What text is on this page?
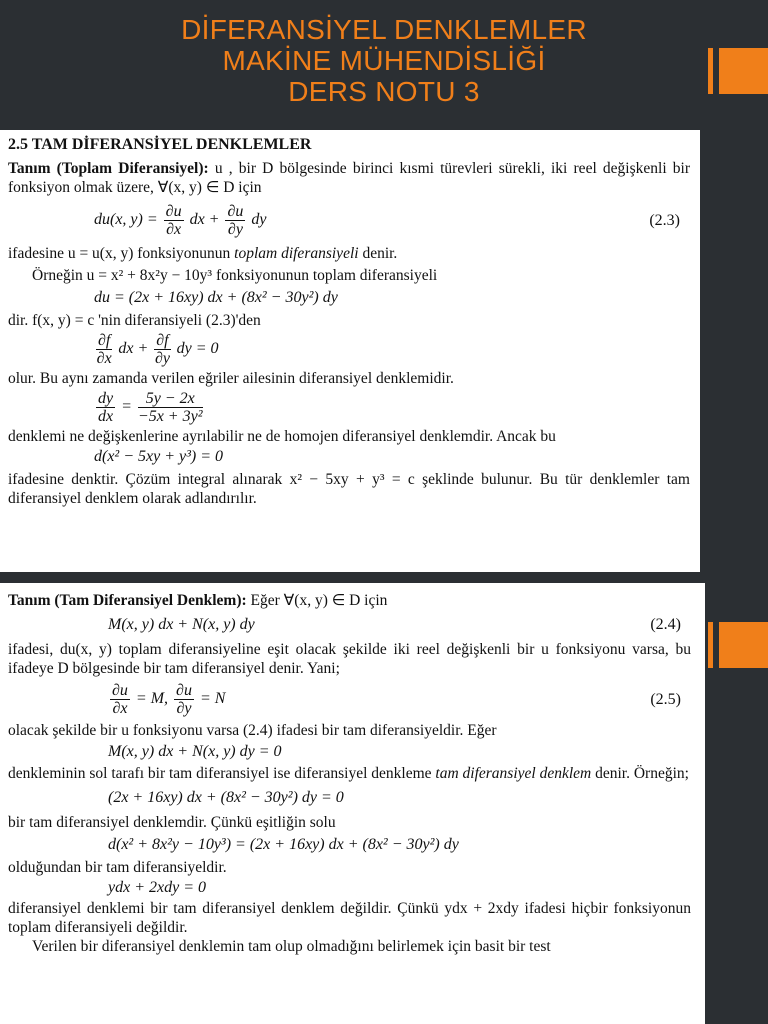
DİFERANSİYEL DENKLEMLER
MAKİNE MÜHENDİSLİĞİ
DERS NOTU 3

2.5 TAM DİFERANSİYEL DENKLEMLER

Tanım (Toplam Diferansiyel): u , bir D bölgesinde birinci kısmi türevleri sürekli, iki reel değişkenli bir fonksiyon olmak üzere, ∀(x, y) ∈ D için

du(x, $y) = \frac{\partial u}{\partial x}$ dx + $\frac{\partial u}{\partial y}$ dy	(2.3)

ifadesine u = u(x, y) fonksiyonunun toplam diferansiyeli denir.

Örneğin u = x² + 8x²y − 10y³ fonksiyonunun toplam diferansiyeli

du = (2x + 16xy) dx + (8x² − 30y²) dy

dir. f(x, y) = c 'nin diferansiyeli (2.3)'den

$\frac{\partial f}{\partial x}$ dx + $\frac{\partial f}{\partial y}$ dy = 0

olur. Bu aynı zamanda verilen eğriler ailesinin diferansiyel denklemidir.

$\frac{dy}{dx} = \frac{5y - 2x}{\text{−5x + 3y²}}$

denklemi ne değişkenlerine ayrılabilir ne de homojen diferansiyel denklemdir. Ancak bu

d(x² − 5xy + y³) = 0

ifadesine denktir. Çözüm integral alınarak x² − 5xy + y³ = c şeklinde bulunur. Bu tür denklemler tam diferansiyel denklem olarak adlandırılır.

Tanım (Tam Diferansiyel Denklem): Eğer ∀(x, y) ∈ D için

M(x, y) dx + N(x, y) dy	(2.4)

ifadesi, du(x, y) toplam diferansiyeline eşit olacak şekilde iki reel değişkenli bir u fonksiyonu varsa, bu ifadeye D bölgesinde bir tam diferansiyel denir. Yani;

$\frac{\partial u}{\partial x} = M$, $\frac{\partial u}{\partial y} = N$	(2.5)

olacak şekilde bir u fonksiyonu varsa (2.4) ifadesi bir tam diferansiyeldir. Eğer

M(x, y) dx + N(x, y) dy = 0

denkleminin sol tarafı bir tam diferansiyel ise diferansiyel denkleme tam diferansiyel denklem denir. Örneğin;

(2x + 16xy) dx + (8x² − 30y²) dy = 0

bir tam diferansiyel denklemdir. Çünkü eşitliğin solu

d(x² + 8x²y − 10y³) = (2x + 16xy) dx + (8x² − 30y²) dy

olduğundan bir tam diferansiyeldir.

ydx + 2xdy = 0

diferansiyel denklemi bir tam diferansiyel denklem değildir. Çünkü ydx + 2xdy ifadesi hiçbir fonksiyonun toplam diferansiyeli değildir.

Verilen bir diferansiyel denklemin tam olup olmadığını belirlemek için basit bir test
